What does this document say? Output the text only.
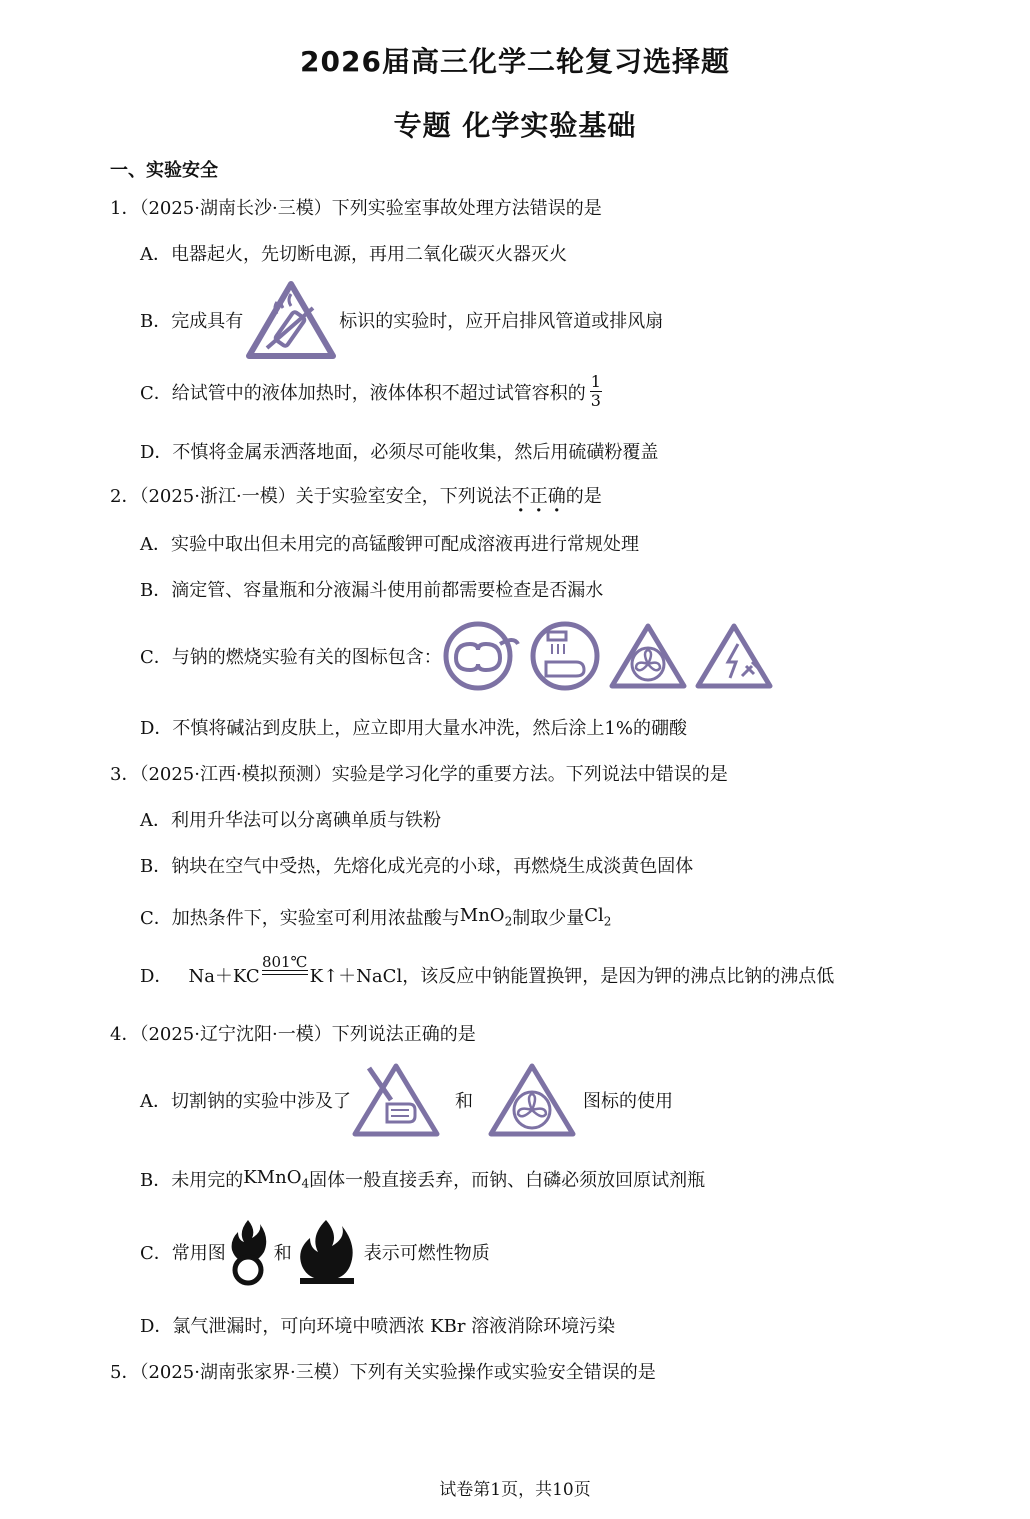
2026届高三化学二轮复习选择题
专题 化学实验基础
一、实验安全
1．（2025·湖南长沙·三模）下列实验室事故处理方法错误的是
A．电器起火，先切断电源，再用二氧化碳灭火器灭火
B．完成具有	标识的实验时，应开启排风管道或排风扇
C．给试管中的液体加热时，液体体积不超过试管容积的 $\frac{1}{3}$
D．不慎将金属汞洒落地面，必须尽可能收集，然后用硫磺粉覆盖
2．（2025·浙江·一模）关于实验室安全，下列说法不正确的是
A．实验中取出但未用完的高锰酸钾可配成溶液再进行常规处理
B．滴定管、容量瓶和分液漏斗使用前都需要检查是否漏水
C．与钠的燃烧实验有关的图标包含：
D．不慎将碱沾到皮肤上，应立即用大量水冲洗，然后涂上1%的硼酸
3．（2025·江西·模拟预测）实验是学习化学的重要方法。下列说法中错误的是
A．利用升华法可以分离碘单质与铁粉
B．钠块在空气中受热，先熔化成光亮的小球，再燃烧生成淡黄色固体
C．加热条件下，实验室可利用浓盐酸与 MnO$_2$ 制取少量 $Cl_2$
D． Na＋KC
801℃
K↑＋NaCl ，该反应中钠能置换钾，是因为钾的沸点比钠的沸点低
4．（2025·辽宁沈阳·一模）下列说法正确的是
A．切割钠的实验中涉及了	和	图标的使用
B．未用完的 KMnO$_4$ 固体一般直接丢弃，而钠、白磷必须放回原试剂瓶
C．常用图	和	表示可燃性物质
D．氯气泄漏时，可向环境中喷洒浓 KBr 溶液消除环境污染
5．（2025·湖南张家界·三模）下列有关实验操作或实验安全错误的是
试卷第1页，共10页
